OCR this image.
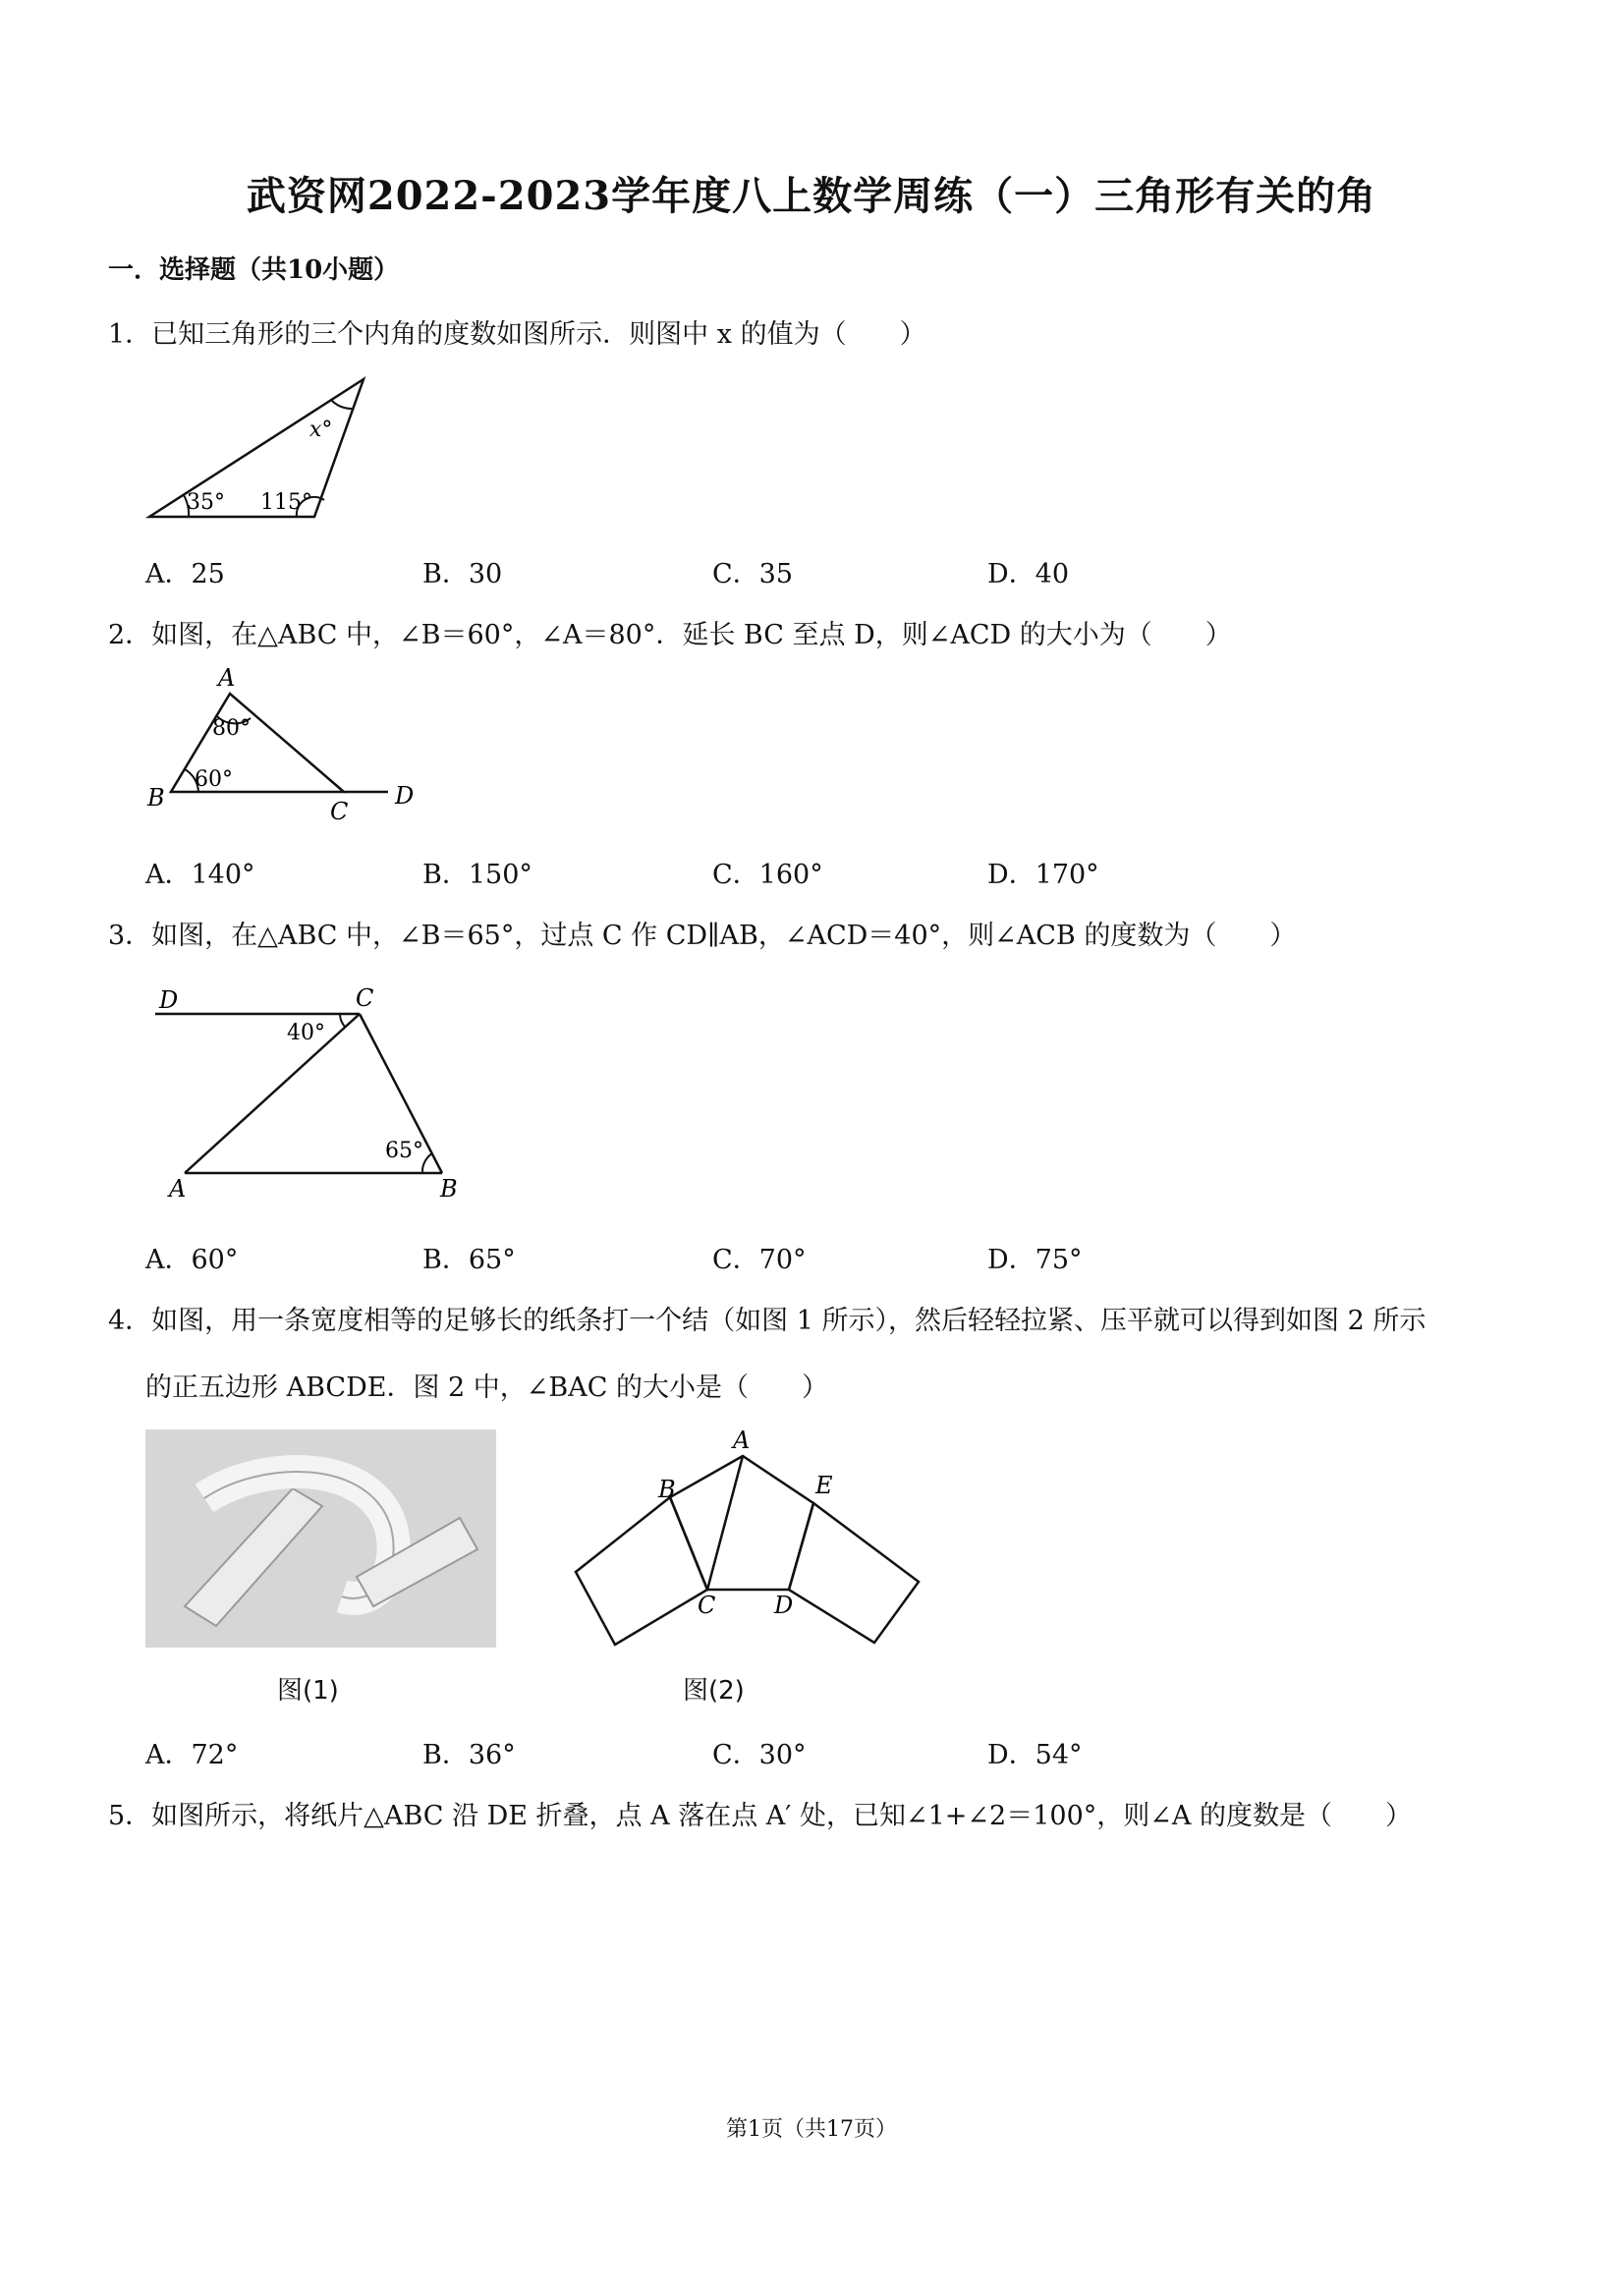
武资网2022-2023学年度八上数学周练（一）三角形有关的角
一．选择题（共10小题）
1．已知三角形的三个内角的度数如图所示．则图中 x 的值为（　　）
x°
35° 115°
A．25	B．30	C．35	D．40
2．如图，在△ABC 中，∠B＝60°，∠A＝80°．延长 BC 至点 D，则∠ACD 的大小为（　　）
A
B	C
D
80°
60°
A．140°	B．150°	C．160°	D．170°
3．如图，在△ABC 中，∠B＝65°，过点 C 作 CD∥AB，∠ACD＝40°，则∠ACB 的度数为（　　）
D	C
A	B
40°
65°
A．60°	B．65°	C．70°	D．75°
4．如图，用一条宽度相等的足够长的纸条打一个结（如图 1 所示），然后轻轻拉紧、压平就可以得到如图 2 所示
的正五边形 ABCDE．图 2 中，∠BAC 的大小是（　　）
图(1)
A
B
C D
E
图(2)
A．72°	B．36°	C．30°	D．54°
5．如图所示，将纸片△ABC 沿 DE 折叠，点 A 落在点 A′ 处，已知∠1+∠2＝100°，则∠A 的度数是（　　）
第1页（共17页）
